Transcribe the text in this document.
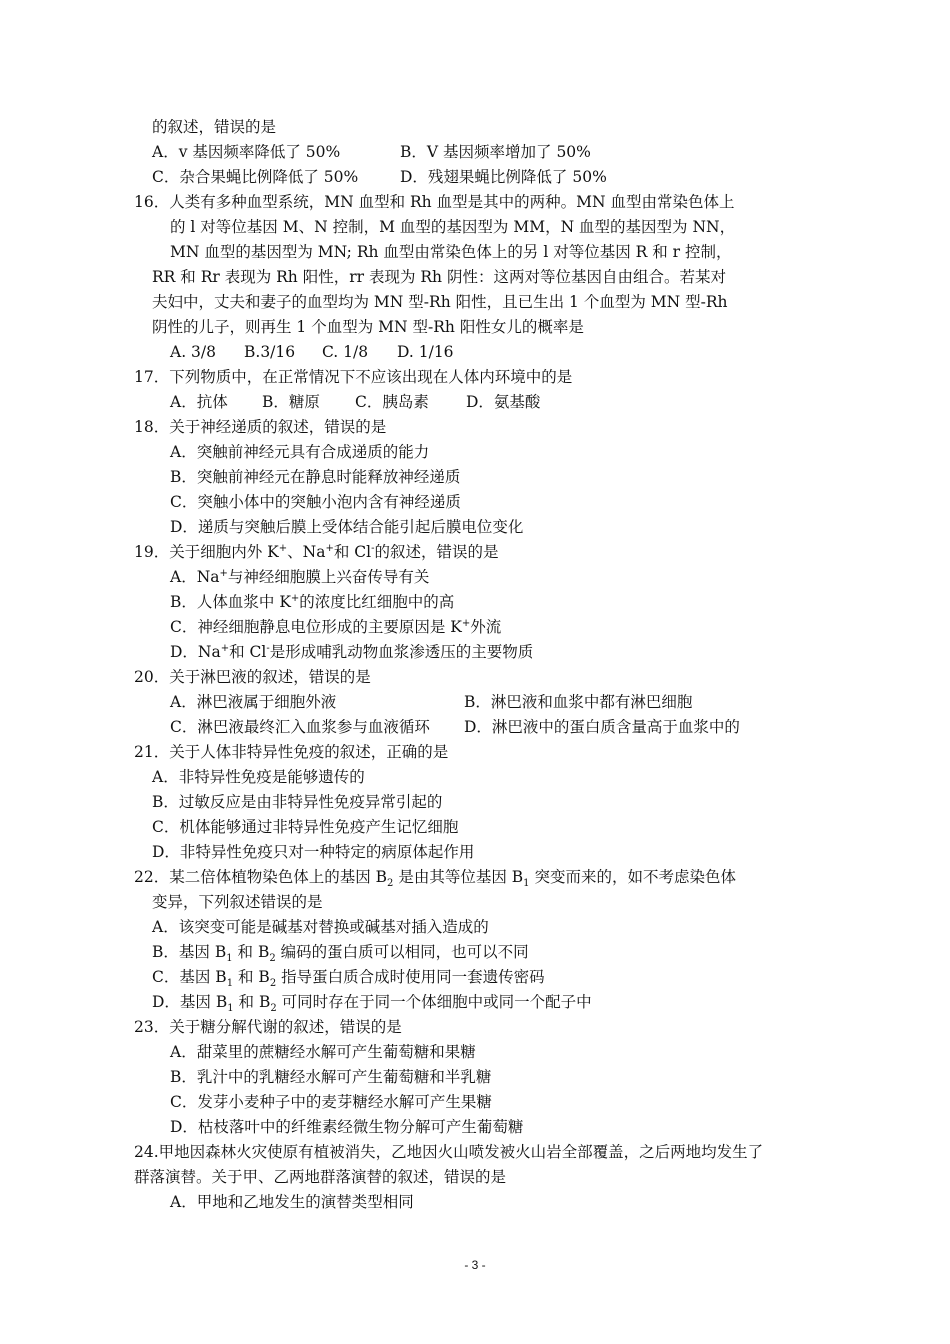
的叙述，错误的是
A．v 基因频率降低了 50%	B．V 基因频率增加了 50%
C．杂合果蝇比例降低了 50%	D．残翅果蝇比例降低了 50%
16．人类有多种血型系统，MN 血型和 Rh 血型是其中的两种。MN 血型由常染色体上
的 l 对等位基因 M、N 控制，M 血型的基因型为 MM，N 血型的基因型为 NN，
MN 血型的基因型为 MN; Rh 血型由常染色体上的另 l 对等位基因 R 和 r 控制，
RR 和 Rr 表现为 Rh 阳性，rr 表现为 Rh 阴性：这两对等位基因自由组合。若某对
夫妇中，丈夫和妻子的血型均为 MN 型-Rh 阳性，且已生出 1 个血型为 MN 型-Rh
阴性的儿子，则再生 1 个血型为 MN 型-Rh 阳性女儿的概率是
A. 3/8 B.3/16 C. 1/8 D. 1/16
17．下列物质中，在正常情况下不应该出现在人体内环境中的是
A．抗体 B．糖原 C．胰岛素 D．氨基酸
18．关于神经递质的叙述，错误的是
A．突触前神经元具有合成递质的能力
B．突触前神经元在静息时能释放神经递质
C．突触小体中的突触小泡内含有神经递质
D．递质与突触后膜上受体结合能引起后膜电位变化
19．关于细胞内外 K+、Na+和 Cl-的叙述，错误的是
A．Na+与神经细胞膜上兴奋传导有关
B．人体血浆中 K+的浓度比红细胞中的高
C．神经细胞静息电位形成的主要原因是 K+外流
D．Na+和 Cl-是形成哺乳动物血浆渗透压的主要物质
20．关于淋巴液的叙述，错误的是
A．淋巴液属于细胞外液	B．淋巴液和血浆中都有淋巴细胞
C．淋巴液最终汇入血浆参与血液循环 D．淋巴液中的蛋白质含量高于血浆中的
21．关于人体非特异性免疫的叙述，正确的是
A．非特异性免疫是能够遗传的
B．过敏反应是由非特异性免疫异常引起的
C．机体能够通过非特异性免疫产生记忆细胞
D．非特异性免疫只对一种特定的病原体起作用
22．某二倍体植物染色体上的基因 $B_2$ 是由其等位基因 $B_1$ 突变而来的，如不考虑染色体
变异，下列叙述错误的是
A．该突变可能是碱基对替换或碱基对插入造成的
B．基因 $B_1$ 和 $B_2$ 编码的蛋白质可以相同，也可以不同
C．基因 $B_1$ 和 $B_2$ 指导蛋白质合成时使用同一套遗传密码
D．基因 $B_1$ 和 $B_2$ 可同时存在于同一个体细胞中或同一个配子中
23．关于糖分解代谢的叙述，错误的是
A．甜菜里的蔗糖经水解可产生葡萄糖和果糖
B．乳汁中的乳糖经水解可产生葡萄糖和半乳糖
C．发芽小麦种子中的麦芽糖经水解可产生果糖
D．枯枝落叶中的纤维素经微生物分解可产生葡萄糖
24.甲地因森林火灾使原有植被消失，乙地因火山喷发被火山岩全部覆盖，之后两地均发生了
群落演替。关于甲、乙两地群落演替的叙述，错误的是
A．甲地和乙地发生的演替类型相同
- 3 -
